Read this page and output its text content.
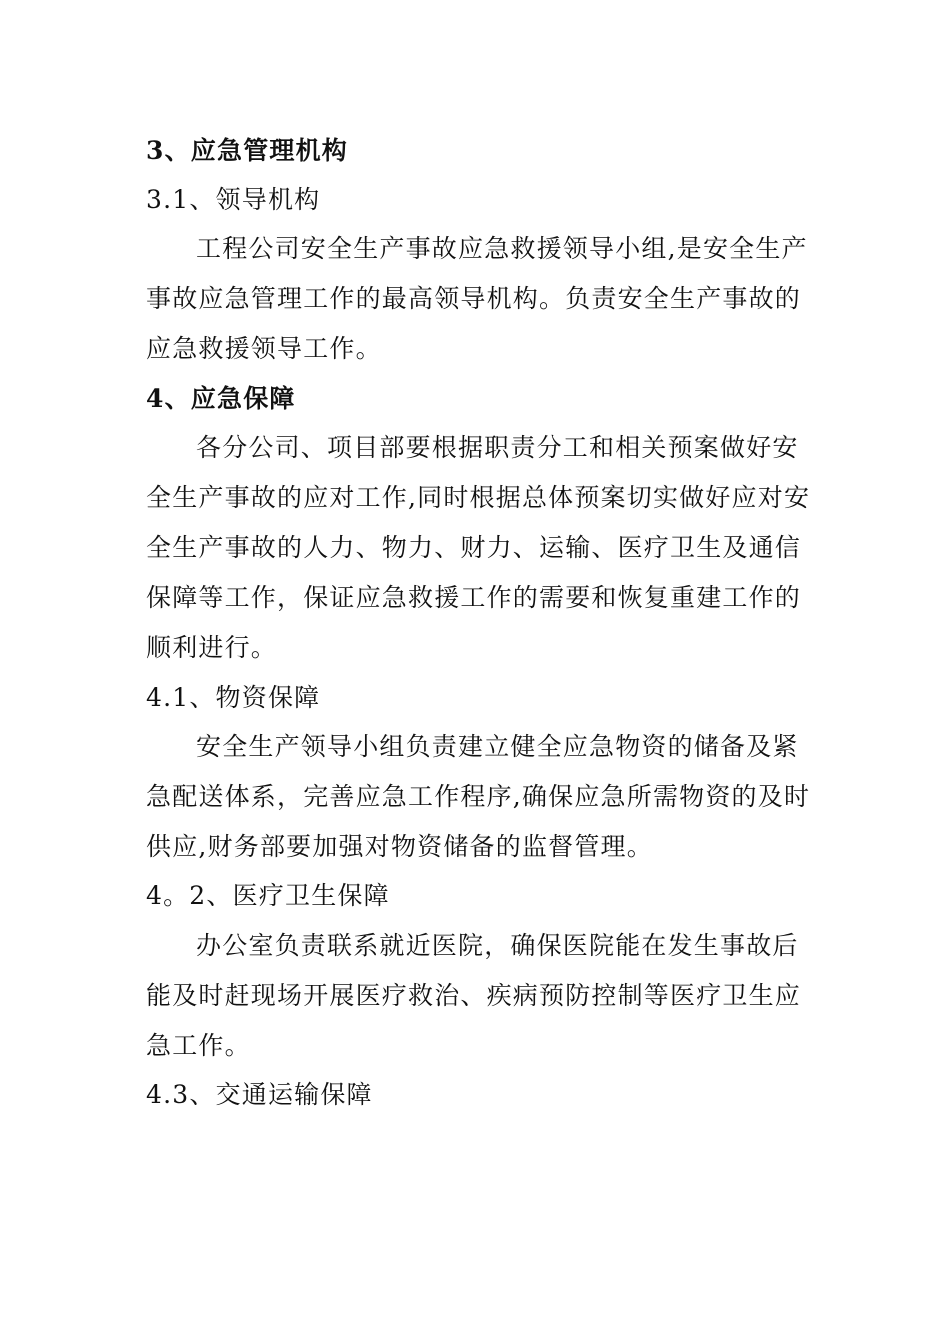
3、应急管理机构
3.1、领导机构
工程公司安全生产事故应急救援领导小组,是安全生产
事故应急管理工作的最高领导机构。负责安全生产事故的
应急救援领导工作。
4、应急保障
各分公司、项目部要根据职责分工和相关预案做好安
全生产事故的应对工作,同时根据总体预案切实做好应对安
全生产事故的人力、物力、财力、运输、医疗卫生及通信
保障等工作，保证应急救援工作的需要和恢复重建工作的
顺利进行。
4.1、物资保障
安全生产领导小组负责建立健全应急物资的储备及紧
急配送体系，完善应急工作程序,确保应急所需物资的及时
供应,财务部要加强对物资储备的监督管理。
4。2、医疗卫生保障
办公室负责联系就近医院，确保医院能在发生事故后
能及时赶现场开展医疗救治、疾病预防控制等医疗卫生应
急工作。
4.3、交通运输保障
